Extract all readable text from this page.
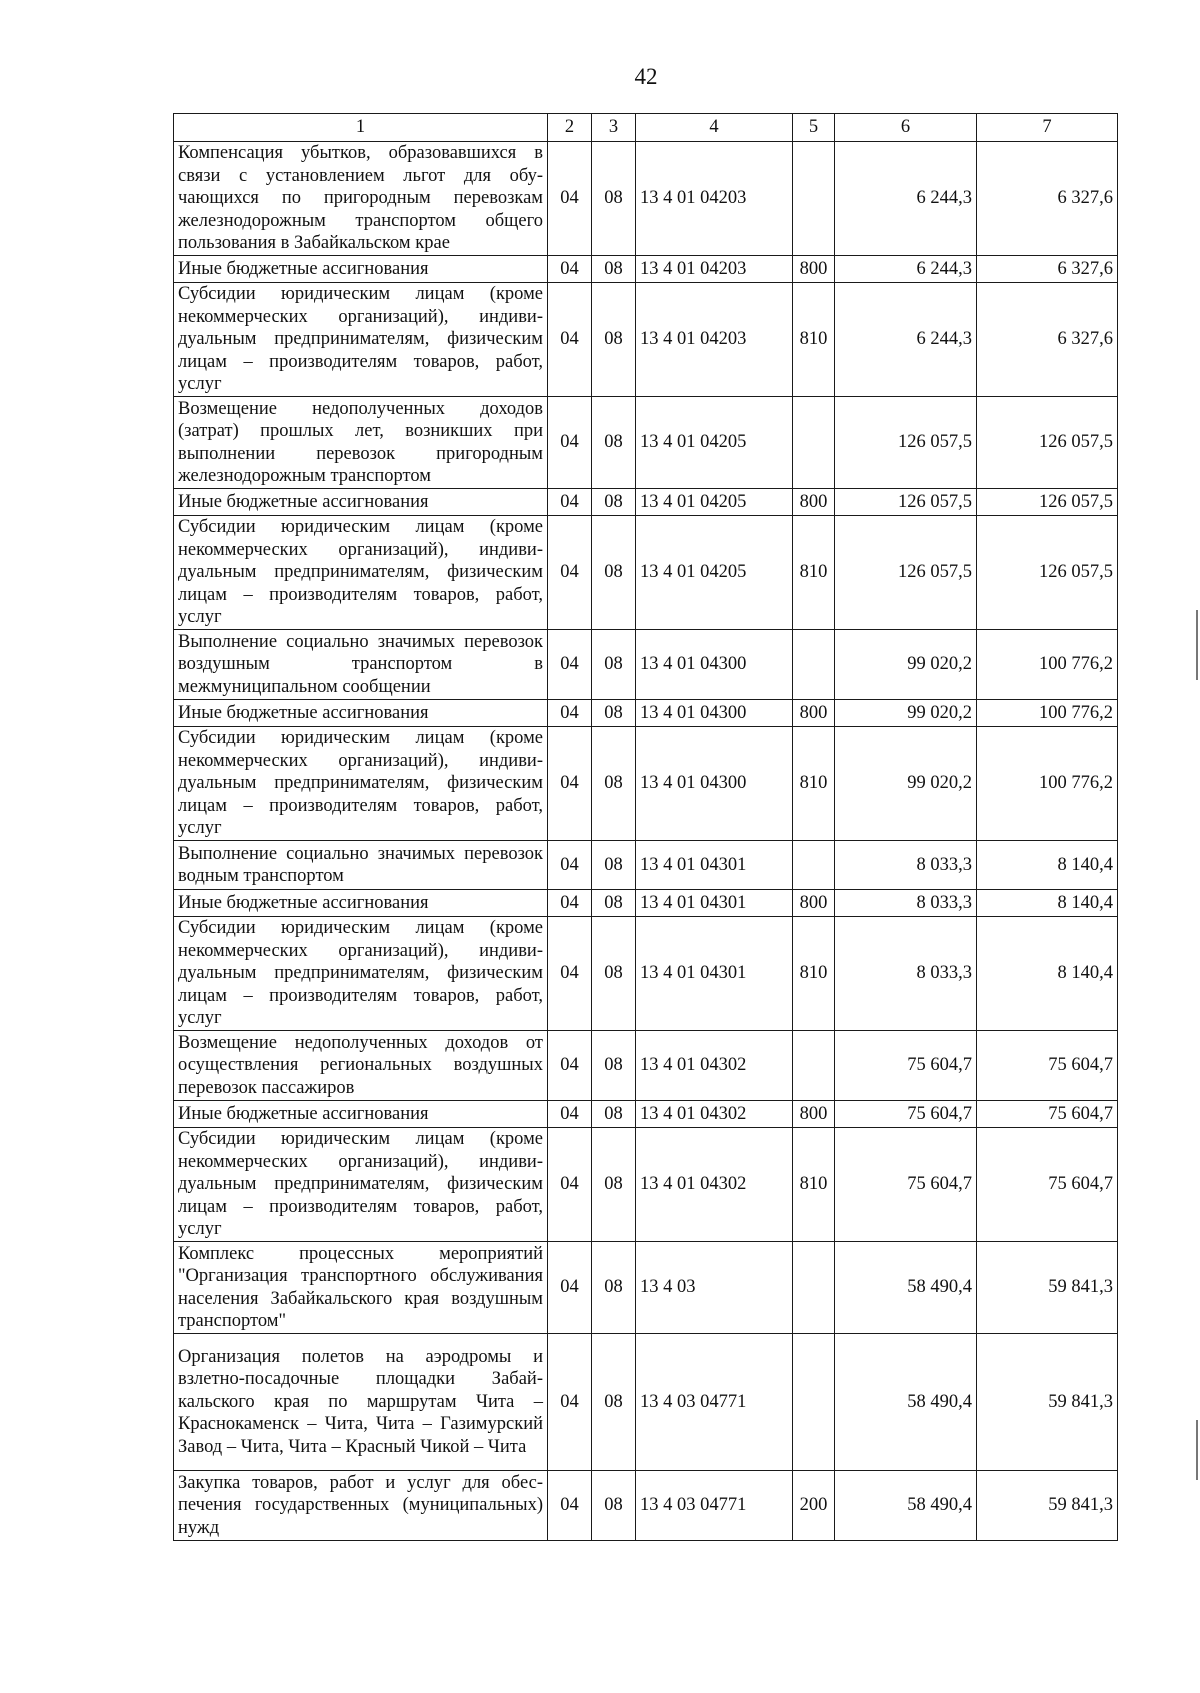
42
1	2	3	4	5	6	7
Компенсация убытков, образовавшихся в связи с установлением льгот для обучающихся по пригородным перевозкам железнодорожным транспортом общего пользования в Забайкальском крае	04	08	13 4 01 04203		6 244,3	6 327,6
Иные бюджетные ассигнования	04	08	13 4 01 04203	800	6 244,3	6 327,6
Субсидии юридическим лицам (кроме некоммерческих организаций), индивидуальным предпринимателям, физическим лицам – производителям товаров, работ, услуг	04	08	13 4 01 04203	810	6 244,3	6 327,6
Возмещение недополученных доходов (затрат) прошлых лет, возникших при выполнении перевозок пригородным железнодорожным транспортом	04	08	13 4 01 04205		126 057,5	126 057,5
Иные бюджетные ассигнования	04	08	13 4 01 04205	800	126 057,5	126 057,5
Субсидии юридическим лицам (кроме некоммерческих организаций), индивидуальным предпринимателям, физическим лицам – производителям товаров, работ, услуг	04	08	13 4 01 04205	810	126 057,5	126 057,5
Выполнение социально значимых перевозок воздушным транспортом в межмуниципальном сообщении	04	08	13 4 01 04300		99 020,2	100 776,2
Иные бюджетные ассигнования	04	08	13 4 01 04300	800	99 020,2	100 776,2
Субсидии юридическим лицам (кроме некоммерческих организаций), индивидуальным предпринимателям, физическим лицам – производителям товаров, работ, услуг	04	08	13 4 01 04300	810	99 020,2	100 776,2
Выполнение социально значимых перевозок водным транспортом	04	08	13 4 01 04301		8 033,3	8 140,4
Иные бюджетные ассигнования	04	08	13 4 01 04301	800	8 033,3	8 140,4
Субсидии юридическим лицам (кроме некоммерческих организаций), индивидуальным предпринимателям, физическим лицам – производителям товаров, работ, услуг	04	08	13 4 01 04301	810	8 033,3	8 140,4
Возмещение недополученных доходов от осуществления региональных воздушных перевозок пассажиров	04	08	13 4 01 04302		75 604,7	75 604,7
Иные бюджетные ассигнования	04	08	13 4 01 04302	800	75 604,7	75 604,7
Субсидии юридическим лицам (кроме некоммерческих организаций), индивидуальным предпринимателям, физическим лицам – производителям товаров, работ, услуг	04	08	13 4 01 04302	810	75 604,7	75 604,7
Комплекс процессных мероприятий "Организация транспортного обслуживания населения Забайкальского края воздушным транспортом"	04	08	13 4 03		58 490,4	59 841,3
Организация полетов на аэродромы и взлетно-посадочные площадки Забайкальского края по маршрутам Чита – Краснокаменск – Чита, Чита – Газимурский Завод – Чита, Чита – Красный Чикой – Чита	04	08	13 4 03 04771		58 490,4	59 841,3
Закупка товаров, работ и услуг для обеспечения государственных (муниципальных) нужд	04	08	13 4 03 04771	200	58 490,4	59 841,3
